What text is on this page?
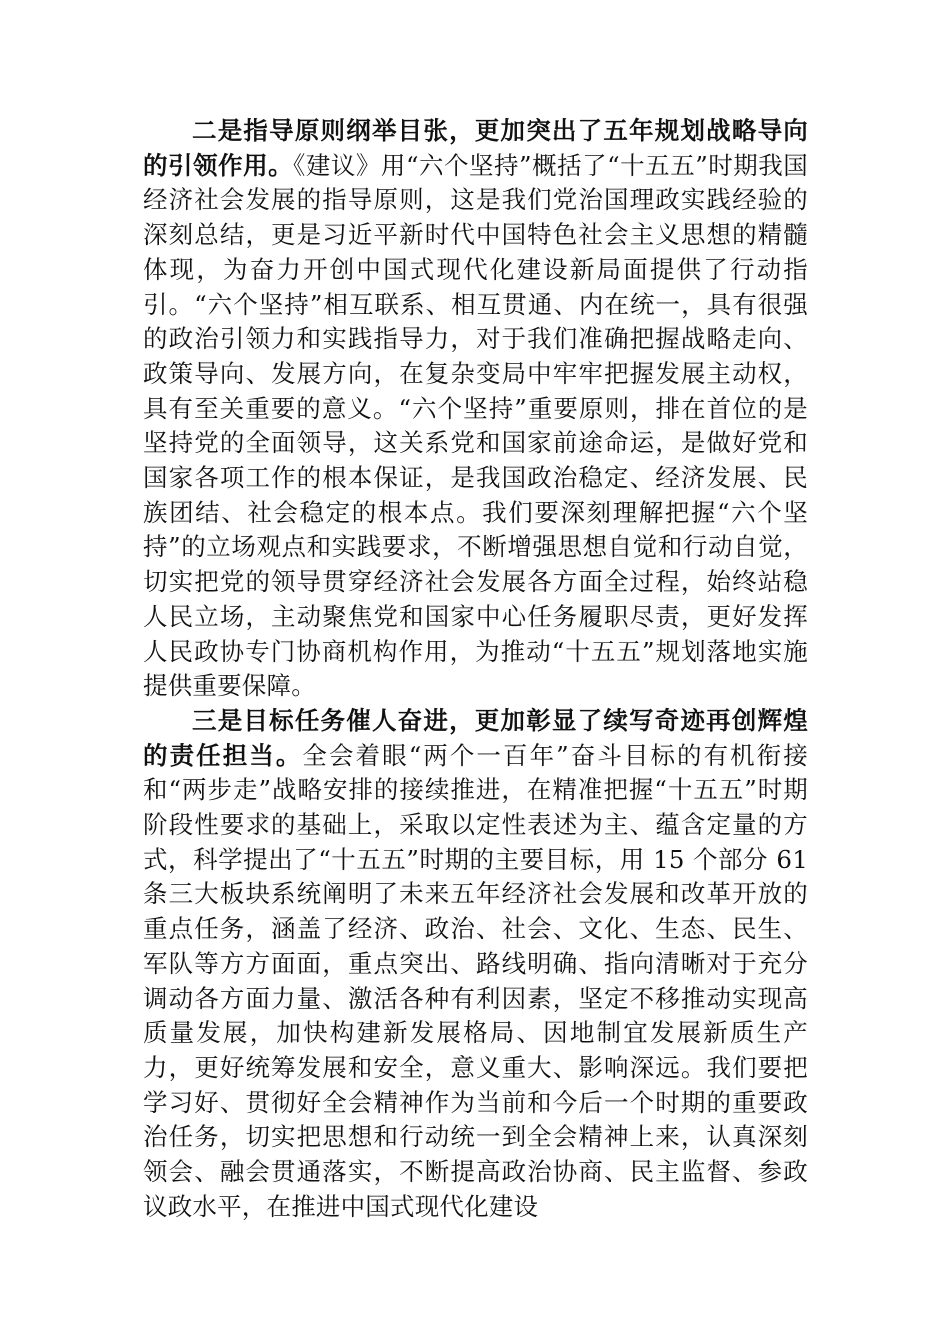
二是指导原则纲举目张，更加突出了五年规划战略导向的引领作用。《建议》用“六个坚持”概括了“十五五”时期我国经济社会发展的指导原则，这是我们党治国理政实践经验的深刻总结，更是习近平新时代中国特色社会主义思想的精髓体现，为奋力开创中国式现代化建设新局面提供了行动指引。“六个坚持”相互联系、相互贯通、内在统一，具有很强的政治引领力和实践指导力，对于我们准确把握战略走向、政策导向、发展方向，在复杂变局中牢牢把握发展主动权，具有至关重要的意义。“六个坚持”重要原则，排在首位的是坚持党的全面领导，这关系党和国家前途命运，是做好党和国家各项工作的根本保证，是我国政治稳定、经济发展、民族团结、社会稳定的根本点。我们要深刻理解把握“六个坚持”的立场观点和实践要求，不断增强思想自觉和行动自觉，切实把党的领导贯穿经济社会发展各方面全过程，始终站稳人民立场，主动聚焦党和国家中心任务履职尽责，更好发挥人民政协专门协商机构作用，为推动“十五五”规划落地实施提供重要保障。

三是目标任务催人奋进，更加彰显了续写奇迹再创辉煌的责任担当。全会着眼“两个一百年”奋斗目标的有机衔接和“两步走”战略安排的接续推进，在精准把握“十五五”时期阶段性要求的基础上，采取以定性表述为主、蕴含定量的方式，科学提出了“十五五”时期的主要目标，用 15 个部分 61 条三大板块系统阐明了未来五年经济社会发展和改革开放的重点任务，涵盖了经济、政治、社会、文化、生态、民生、军队等方方面面，重点突出、路线明确、指向清晰对于充分调动各方面力量、激活各种有利因素，坚定不移推动实现高质量发展，加快构建新发展格局、因地制宜发展新质生产力，更好统筹发展和安全，意义重大、影响深远。我们要把学习好、贯彻好全会精神作为当前和今后一个时期的重要政治任务，切实把思想和行动统一到全会精神上来，认真深刻领会、融会贯通落实，不断提高政治协商、民主监督、参政议政水平，在推进中国式现代化建设
